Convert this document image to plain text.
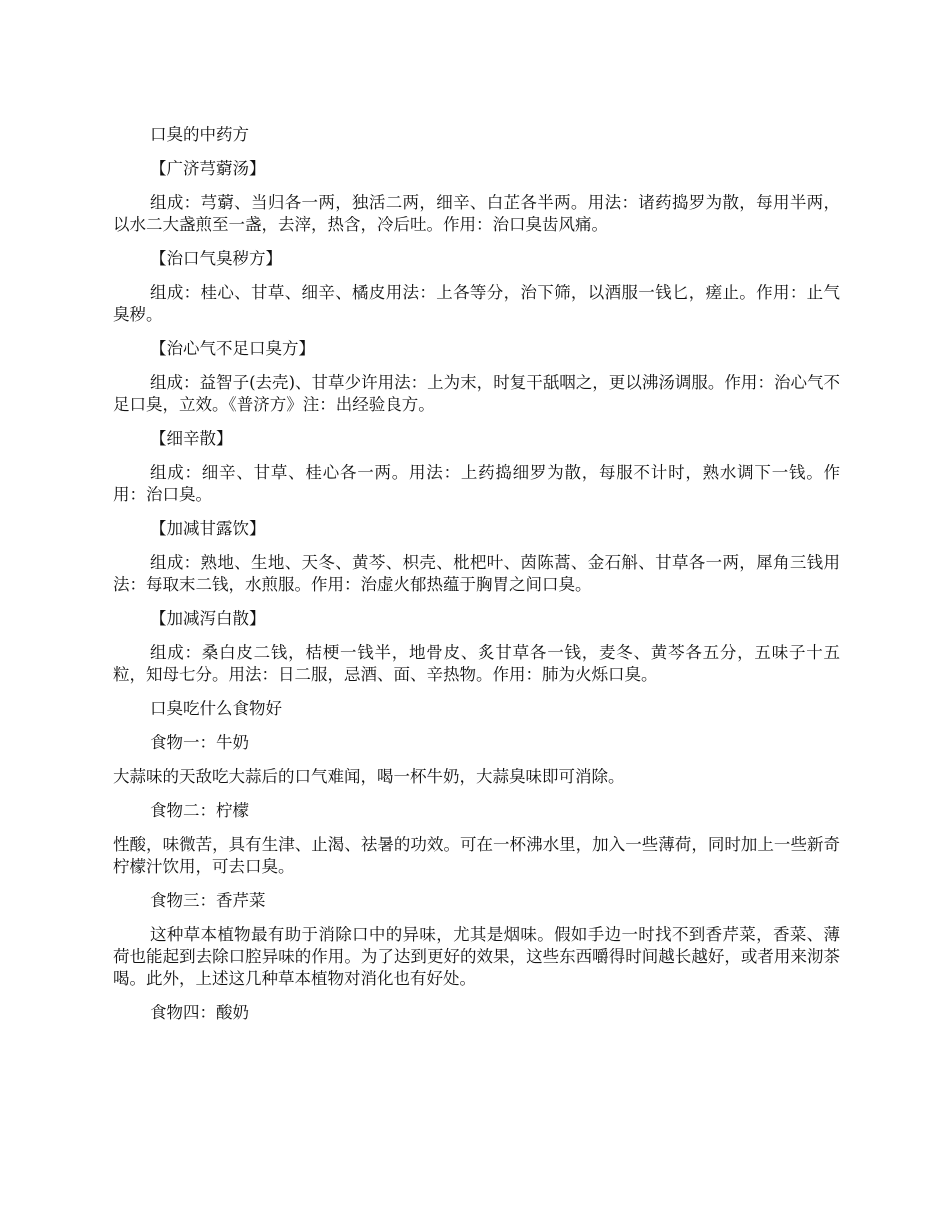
口臭的中药方

【广济芎藭汤】

组成：芎藭、当归各一两，独活二两，细辛、白芷各半两。用法：诸药捣罗为散，每用半两，以水二大盏煎至一盏，去滓，热含，冷后吐。作用：治口臭齿风痛。

【治口气臭秽方】

组成：桂心、甘草、细辛、橘皮用法：上各等分，治下筛，以酒服一钱匕，瘥止。作用：止气臭秽。

【治心气不足口臭方】

组成：益智子(去壳)、甘草少许用法：上为末，时复干舐咽之，更以沸汤调服。作用：治心气不足口臭，立效。《普济方》注：出经验良方。

【细辛散】

组成：细辛、甘草、桂心各一两。用法：上药捣细罗为散，每服不计时，熟水调下一钱。作用：治口臭。

【加减甘露饮】

组成：熟地、生地、天冬、黄芩、枳壳、枇杷叶、茵陈蒿、金石斛、甘草各一两，犀角三钱用法：每取末二钱，水煎服。作用：治虚火郁热蕴于胸胃之间口臭。

【加减泻白散】

组成：桑白皮二钱，桔梗一钱半，地骨皮、炙甘草各一钱，麦冬、黄芩各五分，五味子十五粒，知母七分。用法：日二服，忌酒、面、辛热物。作用：肺为火烁口臭。

口臭吃什么食物好

食物一：牛奶

大蒜味的天敌吃大蒜后的口气难闻，喝一杯牛奶，大蒜臭味即可消除。

食物二：柠檬

性酸，味微苦，具有生津、止渴、祛暑的功效。可在一杯沸水里，加入一些薄荷，同时加上一些新奇柠檬汁饮用，可去口臭。

食物三：香芹菜

这种草本植物最有助于消除口中的异味，尤其是烟味。假如手边一时找不到香芹菜，香菜、薄荷也能起到去除口腔异味的作用。为了达到更好的效果，这些东西嚼得时间越长越好，或者用来沏茶喝。此外，上述这几种草本植物对消化也有好处。

食物四：酸奶
